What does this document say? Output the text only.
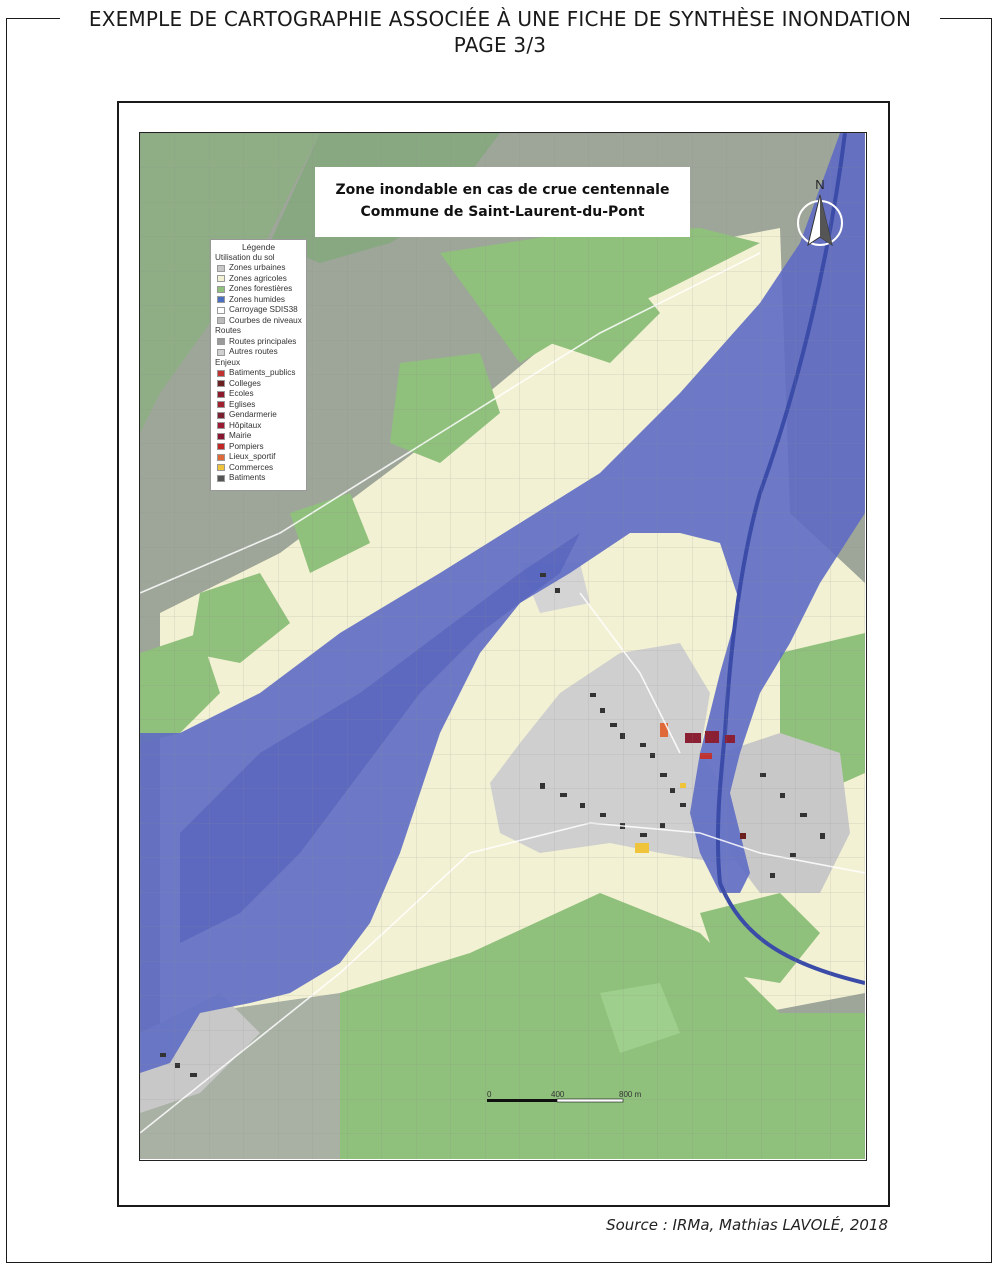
EXEMPLE DE CARTOGRAPHIE ASSOCIÉE À UNE FICHE DE SYNTHÈSE INONDATION
PAGE 3/3
Zone inondable en cas de crue centennale
Commune de Saint-Laurent-du-Pont
Légende
Utilisation du sol
Zones urbaines
Zones agricoles
Zones forestières
Zones humides
Carroyage SDIS38
Courbes de niveaux
Routes
Routes principales
Autres routes
Enjeux
Batiments_publics
Colleges
Ecoles
Eglises
Gendarmerie
Hôpitaux
Mairie
Pompiers
Lieux_sportif
Commerces
Batiments
N
0	400	800 m
Source : IRMa, Mathias LAVOLÉ, 2018
